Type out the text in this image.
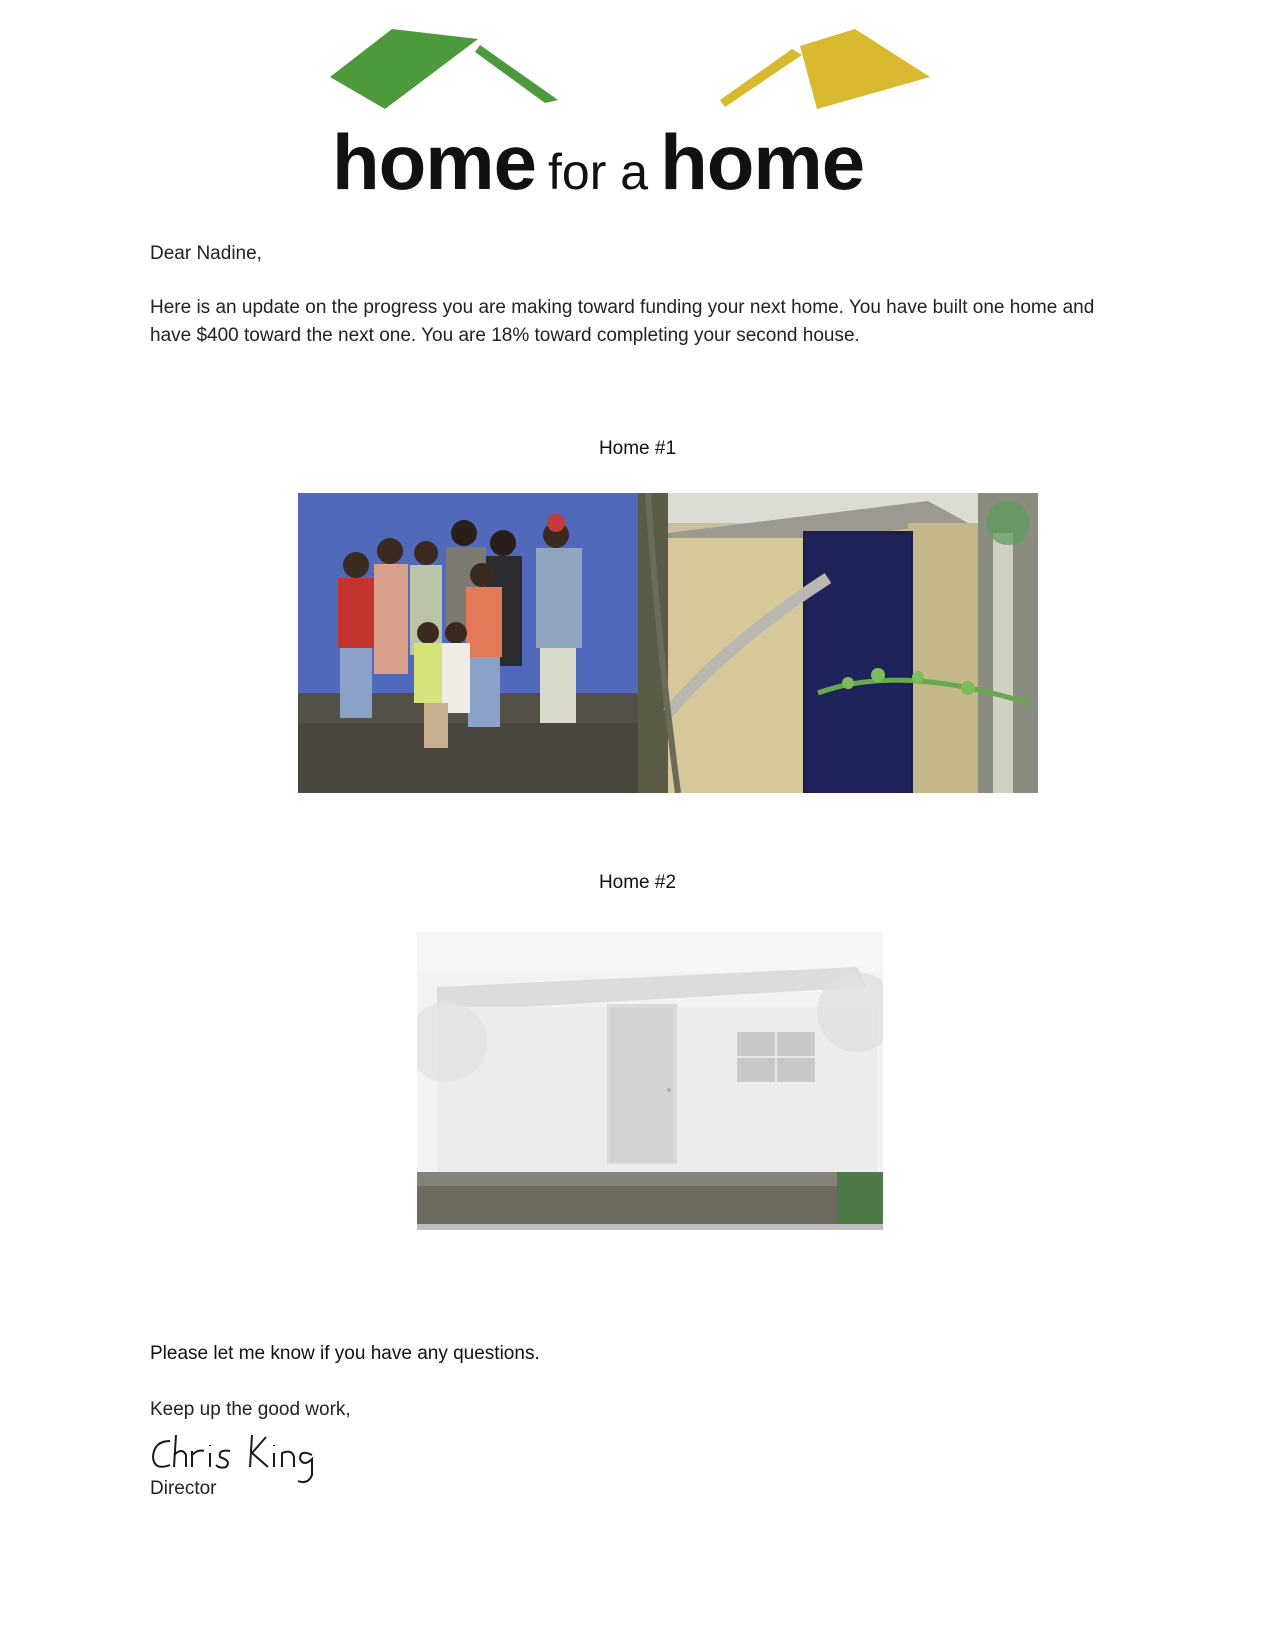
home for a home
Dear Nadine,
Here is an update on the progress you are making toward funding your next home. You have built one home and have $400 toward the next one. You are 18% toward completing your second house.
Home #1
Home #2
Please let me know if you have any questions.
Keep up the good work,
Director
